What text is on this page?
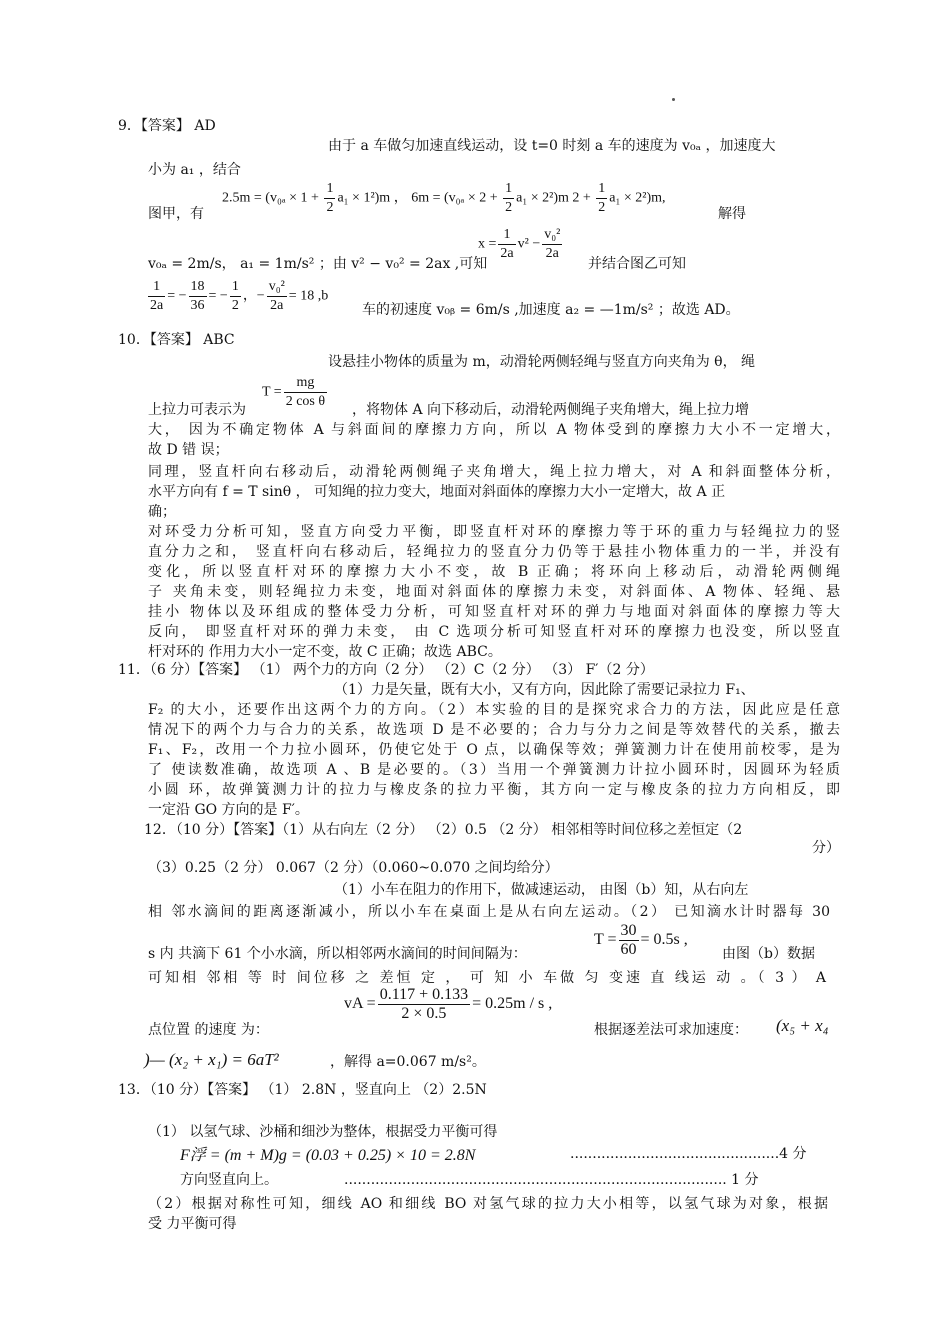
9．【答案】 AD
由于 a 车做匀加速直线运动，设 t=0 时刻 a 车的速度为 v₀ₐ ，加速度大
小为 a₁ ，结合
图甲，有
$2.5m = (v_{0a} \times 1 + \frac{1}{2} a_1 \times 1^2)m$ ， $6m = (v_{0a} \times 2 + \frac{1}{2} a_1 \times 2^2)m$ $2 + \frac{1}{2} a_1 \times 2^2)m$,
解得
v₀ₐ = 2m/s， a₁ = 1m/s² ；由 v² − v₀² = 2ax ,可知
$x = \frac{1}{2a} v^2 - \frac{\text{v₀²}}{2a}$
并结合图乙可知
$\frac{1}{2a}$ = − $\frac{18}{36}$ = − $\frac{1}{2}$ ，− $\frac{\text{v₀²}}{2a} = 18$ ,b
车的初速度 v₀ᵦ = 6m/s ,加速度 a₂ = —1m/s² ；故选 AD。
10．【答案】 ABC
设悬挂小物体的质量为 m，动滑轮两侧轻绳与竖直方向夹角为 θ， 绳
$T = \frac{mg}{\text{2 cos θ}}$
上拉力可表示为	，将物体 A 向下移动后，动滑轮两侧绳子夹角增大，绳上拉力增
大， 因为不确定物体 A 与斜面间的摩擦力方向，所以 A 物体受到的摩擦力大小不一定增大，
故 D 错 误；
同理，竖直杆向右移动后，动滑轮两侧绳子夹角增大，绳上拉力增大，对 A 和斜面整体分析，
水平方向有 f = T sinθ ， 可知绳的拉力变大，地面对斜面体的摩擦力大小一定增大，故 A 正
确；
对环受力分析可知，竖直方向受力平衡，即竖直杆对环的摩擦力等于环的重力与轻绳拉力的竖
直分力之和， 竖直杆向右移动后，轻绳拉力的竖直分力仍等于悬挂小物体重力的一半，并没有
变化，所以竖直杆对环的摩擦力大小不变，故 B 正确；将环向上移动后，动滑轮两侧绳
子 夹角未变，则轻绳拉力未变，地面对斜面体的摩擦力未变，对斜面体、A 物体、轻绳、悬
挂小 物体以及环组成的整体受力分析，可知竖直杆对环的弹力与地面对斜面体的摩擦力等大
反向， 即竖直杆对环的弹力未变， 由 C 选项分析可知竖直杆对环的摩擦力也没变，所以竖直
杆对环的 作用力大小一定不变，故 C 正确；故选 ABC。
11．（6 分）【答案】 （1） 两个力的方向（2 分） （2）C（2 分） （3） F′（2 分）
（1）力是矢量，既有大小，又有方向，因此除了需要记录拉力 F₁、
F₂ 的大小，还要作出这两个力的方向。（2）本实验的目的是探究求合力的方法，因此应是任意
情况下的两个力与合力的关系，故选项 D 是不必要的；合力与分力之间是等效替代的关系，撤去
F₁、F₂，改用一个力拉小圆环，仍使它处于 O 点，以确保等效；弹簧测力计在使用前校零，是为
了 使读数准确，故选项 A 、B 是必要的。（3）当用一个弹簧测力计拉小圆环时，因圆环为轻质
小圆 环，故弹簧测力计的拉力与橡皮条的拉力平衡，其方向一定与橡皮条的拉力方向相反，即
一定沿 GO 方向的是 F′。
12．（10 分）【答案】（1）从右向左（2 分） （2）0.5 （2 分） 相邻相等时间位移之差恒定（2
分）
（3）0.25（2 分） 0.067（2 分）（0.060~0.070 之间均给分）
（1）小车在阻力的作用下，做减速运动， 由图（b）知，从右向左
相 邻水滴间的距离逐渐减小，所以小车在桌面上是从右向左运动。（2） 已知滴水计时器每 30
s 内 共滴下 61 个小水滴，所以相邻两水滴间的时间间隔为：
$T = \frac{30}{60} = 0.5s$ ,
由图（b）数据
可知相 邻相 等 时 间位移 之 差恒 定 ， 可 知 小 车做 匀 变速 直 线运 动 。（ 3 ） A
vA = $\frac{0.117 + 0.133}{2 \times 0.5} = 0.25m / s$ ,
点位置 的速度 为：	根据逐差法可求加速度： (x₅ + x₄
)— (x₂ + x₁) = 6aT²	，解得 a=0.067 m/s²。
13．（10 分）【答案】 （1） 2.8N ，竖直向上 （2）2.5N
（1） 以氢气球、沙桶和细沙为整体，根据受力平衡可得
F浮 = (m + M)g = (0.03 + 0.25) × 10 = 2.8N	...............................................4 分
方向竖直向上。	...................................................................................... 1 分
（2）根据对称性可知，细线 AO 和细线 BO 对氢气球的拉力大小相等，以氢气球为对象，根据
受 力平衡可得
